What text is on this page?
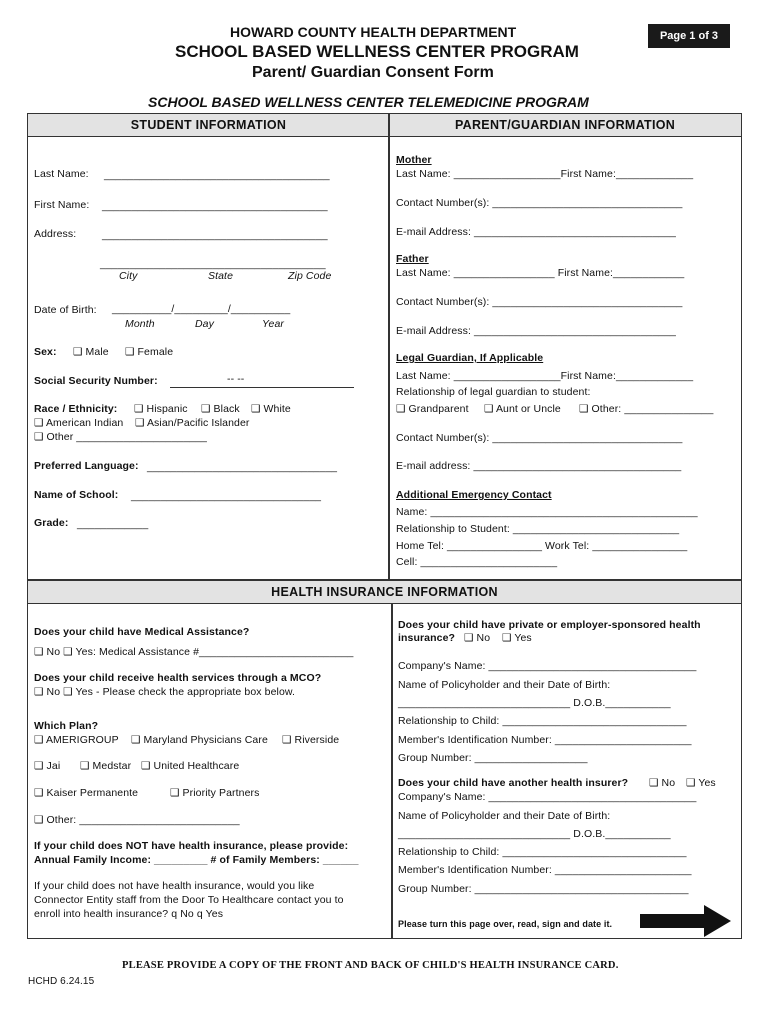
HOWARD COUNTY HEALTH DEPARTMENT	Page 1 of 3
SCHOOL BASED WELLNESS CENTER PROGRAM
Parent/ Guardian Consent Form
SCHOOL BASED WELLNESS CENTER TELEMEDICINE PROGRAM
STUDENT INFORMATION	PARENT/GUARDIAN INFORMATION
Last Name: ______________________________________
First Name: ______________________________________
Address: ______________________________________
______________________________________
City	State	Zip Code
Date of Birth: __________/_________/__________
Month	Day	Year
Sex: ❑ Male ❑ Female
Social Security Number:	-- --
Race / Ethnicity: ❑ Hispanic ❑ Black ❑ White
❑ American Indian ❑ Asian/Pacific Islander
❑ Other ______________________
Preferred Language: ________________________________
Name of School: ________________________________
Grade: ____________
Mother
Last Name: __________________First Name:_____________
Contact Number(s): ________________________________
E-mail Address: __________________________________
Father
Last Name: _________________ First Name:____________
Contact Number(s): ________________________________
E-mail Address: __________________________________
Legal Guardian, If Applicable
Last Name: __________________First Name:_____________
Relationship of legal guardian to student:
❑ Grandparent ❑ Aunt or Uncle ❑ Other: _______________
Contact Number(s): ________________________________
E-mail address: ___________________________________
Additional Emergency Contact
Name: _____________________________________________
Relationship to Student: ____________________________
Home Tel: ________________ Work Tel: ________________
Cell: _______________________
HEALTH INSURANCE INFORMATION
Does your child have Medical Assistance?
❑ No ❑ Yes: Medical Assistance #__________________________
Does your child receive health services through a MCO?
❑ No ❑ Yes - Please check the appropriate box below.
Which Plan?
❑ AMERIGROUP ❑ Maryland Physicians Care ❑ Riverside
❑ Jai ❑ Medstar ❑ United Healthcare
❑ Kaiser Permanente	❑ Priority Partners
❑ Other: ___________________________
If your child does NOT have health insurance, please provide:
Annual Family Income: _________ # of Family Members: ______
If your child does not have health insurance, would you like
Connector Entity staff from the Door To Healthcare contact you to
enroll into health insurance? q No q Yes
Does your child have private or employer-sponsored health
insurance? ❑ No ❑ Yes
Company's Name: ___________________________________
Name of Policyholder and their Date of Birth:
_____________________________ D.O.B.___________
Relationship to Child: _______________________________
Member's Identification Number: _______________________
Group Number: ___________________
Does your child have another health insurer? ❑ No ❑ Yes
Company's Name: ___________________________________
Name of Policyholder and their Date of Birth:
_____________________________ D.O.B.___________
Relationship to Child: _______________________________
Member's Identification Number: _______________________
Group Number: ____________________________________
Please turn this page over, read, sign and date it.
PLEASE PROVIDE A COPY OF THE FRONT AND BACK OF CHILD'S HEALTH INSURANCE CARD.
HCHD 6.24.15
